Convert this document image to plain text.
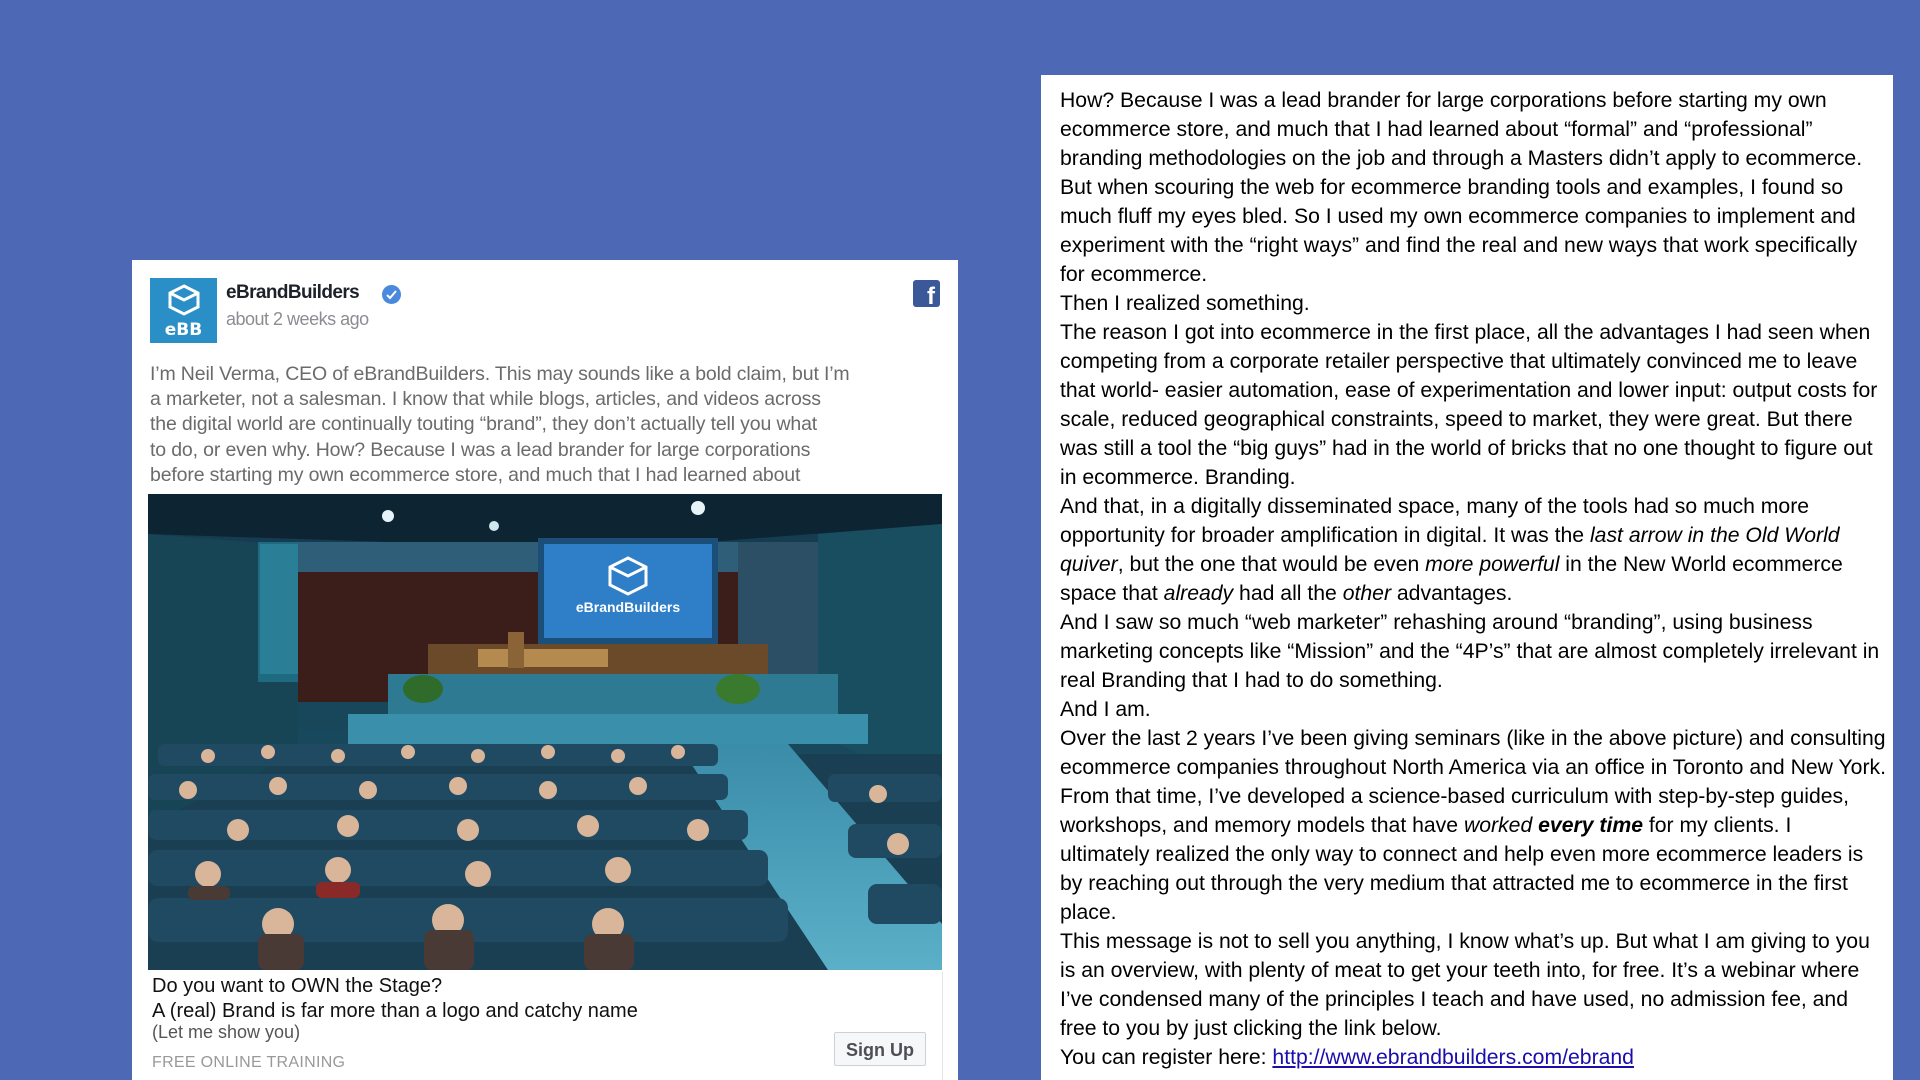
eBB
eBrandBuilders
about 2 weeks ago
f

I’m Neil Verma, CEO of eBrandBuilders. This may sounds like a bold claim, but I’m

a marketer, not a salesman. I know that while blogs, articles, and videos across

the digital world are continually touting “brand”, they don’t actually tell you what

to do, or even why. How? Because I was a lead brander for large corporations

before starting my own ecommerce store, and much that I had learned about

eBrandBuilders
Do you want to OWN the Stage?
A (real) Brand is far more than a logo and catchy name
(Let me show you)
FREE ONLINE TRAINING
Sign Up

How? Because I was a lead brander for large corporations before starting my own ecommerce store, and much that I had learned about “formal” and “professional” branding methodologies on the job and through a Masters didn’t apply to ecommerce.

But when scouring the web for ecommerce branding tools and examples, I found so much fluff my eyes bled. So I used my own ecommerce companies to implement and experiment with the “right ways” and find the real and new ways that work specifically for ecommerce.

Then I realized something.

The reason I got into ecommerce in the first place, all the advantages I had seen when competing from a corporate retailer perspective that ultimately convinced me to leave that world- easier automation, ease of experimentation and lower input: output costs for scale, reduced geographical constraints, speed to market, they were great. But there was still a tool the “big guys” had in the world of bricks that no one thought to figure out in ecommerce. Branding.

And that, in a digitally disseminated space, many of the tools had so much more opportunity for broader amplification in digital. It was the last arrow in the Old World quiver, but the one that would be even more powerful in the New World ecommerce space that already had all the other advantages.

And I saw so much “web marketer” rehashing around “branding”, using business marketing concepts like “Mission” and the “4P’s” that are almost completely irrelevant in real Branding that I had to do something.

And I am.

Over the last 2 years I’ve been giving seminars (like in the above picture) and consulting ecommerce companies throughout North America via an office in Toronto and New York. From that time, I’ve developed a science-based curriculum with step-by-step guides, workshops, and memory models that have worked every time for my clients. I ultimately realized the only way to connect and help even more ecommerce leaders is by reaching out through the very medium that attracted me to ecommerce in the first place.

This message is not to sell you anything, I know what’s up. But what I am giving to you is an overview, with plenty of meat to get your teeth into, for free. It’s a webinar where I’ve condensed many of the principles I teach and have used, no admission fee, and free to you by just clicking the link below.

You can register here: http://www.ebrandbuilders.com/ebrand
